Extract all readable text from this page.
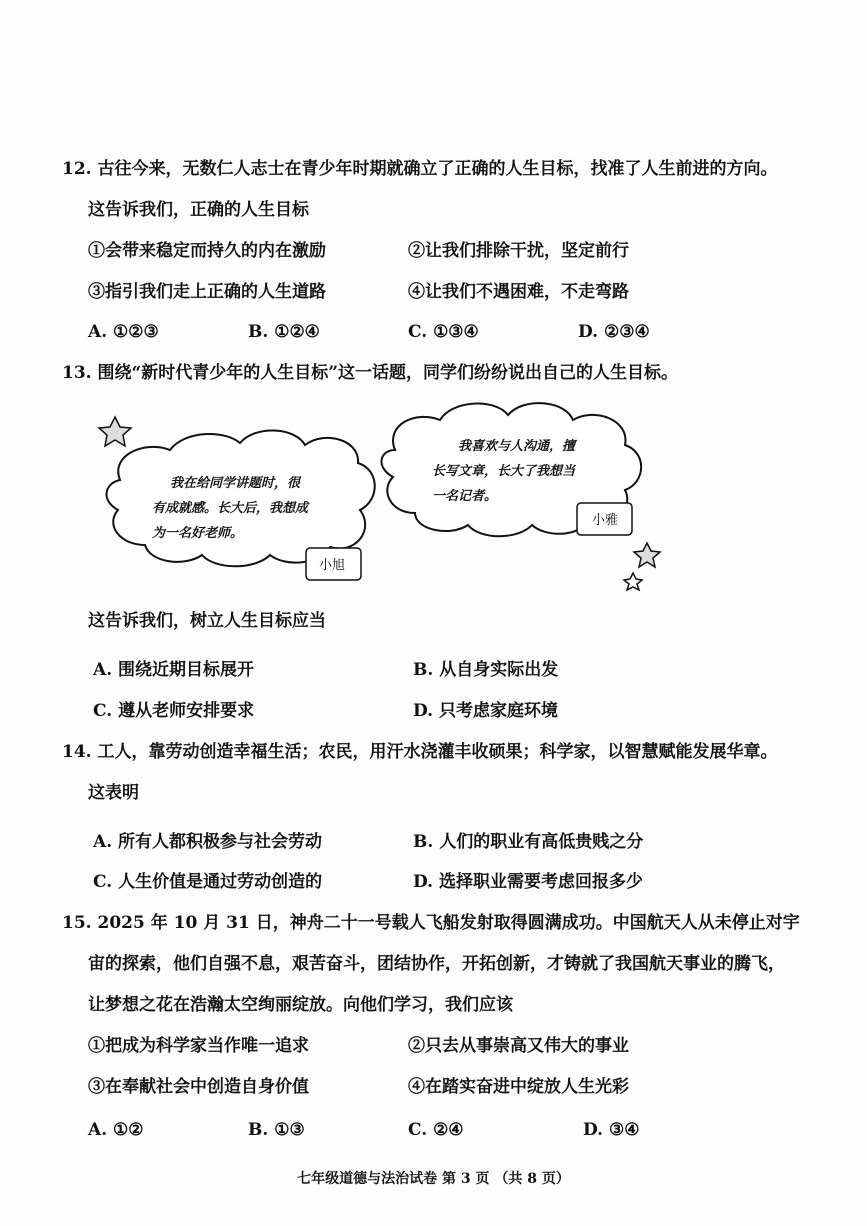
12. 古往今来，无数仁人志士在青少年时期就确立了正确的人生目标，找准了人生前进的方向。
这告诉我们，正确的人生目标
①会带来稳定而持久的内在激励	②让我们排除干扰，坚定前行
③指引我们走上正确的人生道路	④让我们不遇困难，不走弯路
A. ①②③	B. ①②④	C. ①③④	D. ②③④
13. 围绕“新时代青少年的人生目标”这一话题，同学们纷纷说出自己的人生目标。
我在给同学讲题时，很
有成就感。长大后，我想成
为一名好老师。
小旭
我喜欢与人沟通，擅
长写文章，长大了我想当
一名记者。
小雅
这告诉我们，树立人生目标应当
A. 围绕近期目标展开	B. 从自身实际出发
C. 遵从老师安排要求	D. 只考虑家庭环境
14. 工人，靠劳动创造幸福生活；农民，用汗水浇灌丰收硕果；科学家，以智慧赋能发展华章。
这表明
A. 所有人都积极参与社会劳动	B. 人们的职业有高低贵贱之分
C. 人生价值是通过劳动创造的	D. 选择职业需要考虑回报多少
15. 2025 年 10 月 31 日，神舟二十一号载人飞船发射取得圆满成功。中国航天人从未停止对宇
宙的探索，他们自强不息，艰苦奋斗，团结协作，开拓创新，才铸就了我国航天事业的腾飞，
让梦想之花在浩瀚太空绚丽绽放。向他们学习，我们应该
①把成为科学家当作唯一追求	②只去从事崇高又伟大的事业
③在奉献社会中创造自身价值	④在踏实奋进中绽放人生光彩
A. ①②	B. ①③	C. ②④	D. ③④
七年级道德与法治试卷 第 3 页 （共 8 页）
